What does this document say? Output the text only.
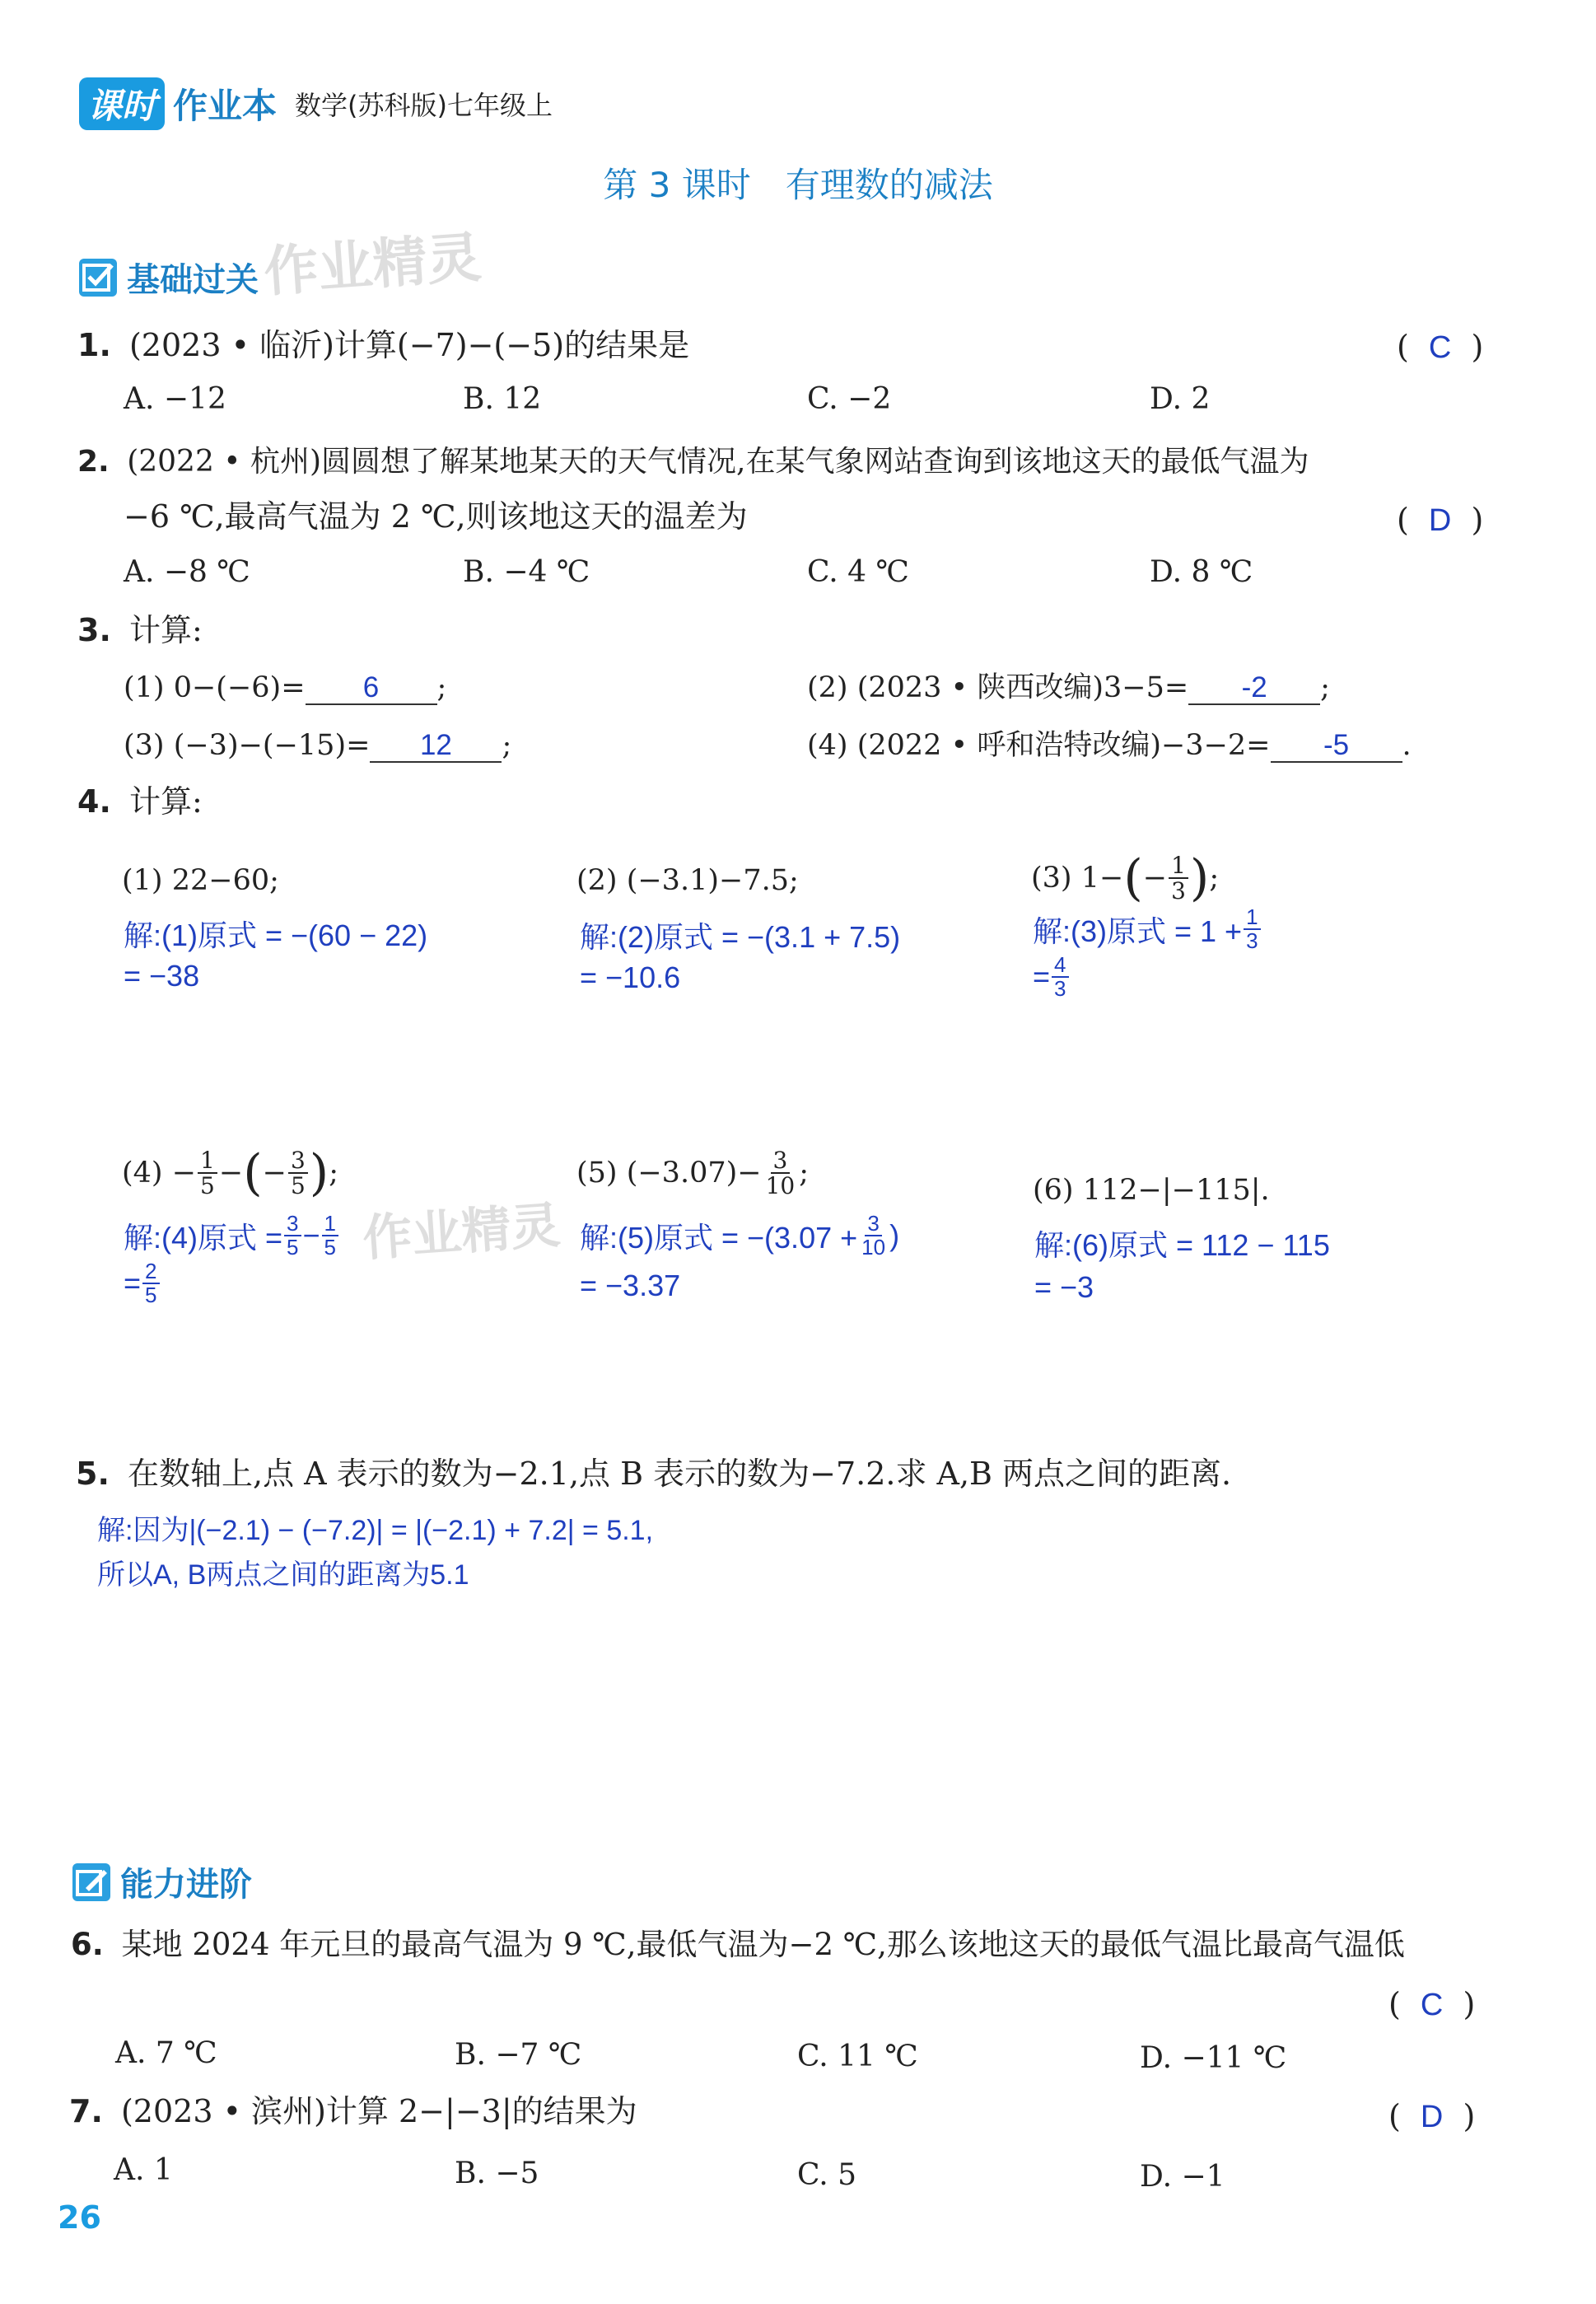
课时 作业本 数学(苏科版)七年级上
第 3 课时　有理数的减法
作业精灵
作业精灵
基础过关
1. (2023 • 临沂)计算(−7)−(−5)的结果是	( C )
A. −12	B. 12	C. −2	D. 2
2. (2022 • 杭州)圆圆想了解某地某天的天气情况,在某气象网站查询到该地这天的最低气温为
−6 ℃,最高气温为 2 ℃,则该地这天的温差为	( D )
A. −8 ℃	B. −4 ℃	C. 4 ℃	D. 8 ℃
3. 计算:
(1) 0−(−6)= 6 ;	(2) (2023 • 陕西改编)3−5= -2 ;
(3) (−3)−(−15)= 12 ;	(4) (2022 • 呼和浩特改编)−3−2= -5 .
4. 计算:
(1) 22−60;
解:(1)原式 = −(60 − 22)
= −38
(2) (−3.1)−7.5;
解:(2)原式 = −(3.1 + 7.5)
= −10.6
(3) 1− ( − $\frac{1}{3}$ ) ;
解:(3)原式 = $1 + \frac{1}{3}$
= $\frac{4}{3}$
$(4) - \frac{1}{5}$ − ( − $\frac{3}{5}$ ) ;
解:(4)原式 = $\frac{3}{5} - \frac{1}{5}$
= $\frac{2}{5}$
(5) $(-3.07)- \frac{3}{10}$ ;
解:(5)原式 = $-(3.07 + \frac{3}{10}$ )
= −3.37
(6) 112−|−115|.
解:(6)原式 = 112 − 115
= −3
5. 在数轴上,点 A 表示的数为−2.1,点 B 表示的数为−7.2.求 A,B 两点之间的距离.
解:因为|(−2.1) − (−7.2)| = |(−2.1) + 7.2| = 5.1,
所以A, B两点之间的距离为5.1
能力进阶
6. 某地 2024 年元旦的最高气温为 9 ℃,最低气温为−2 ℃,那么该地这天的最低气温比最高气温低
( C )
A. 7 ℃	B. −7 ℃	C. 11 ℃	D. −11 ℃
7. (2023 • 滨州)计算 2−|−3|的结果为	( D )
A. 1	B. −5	C. 5	D. −1
26
